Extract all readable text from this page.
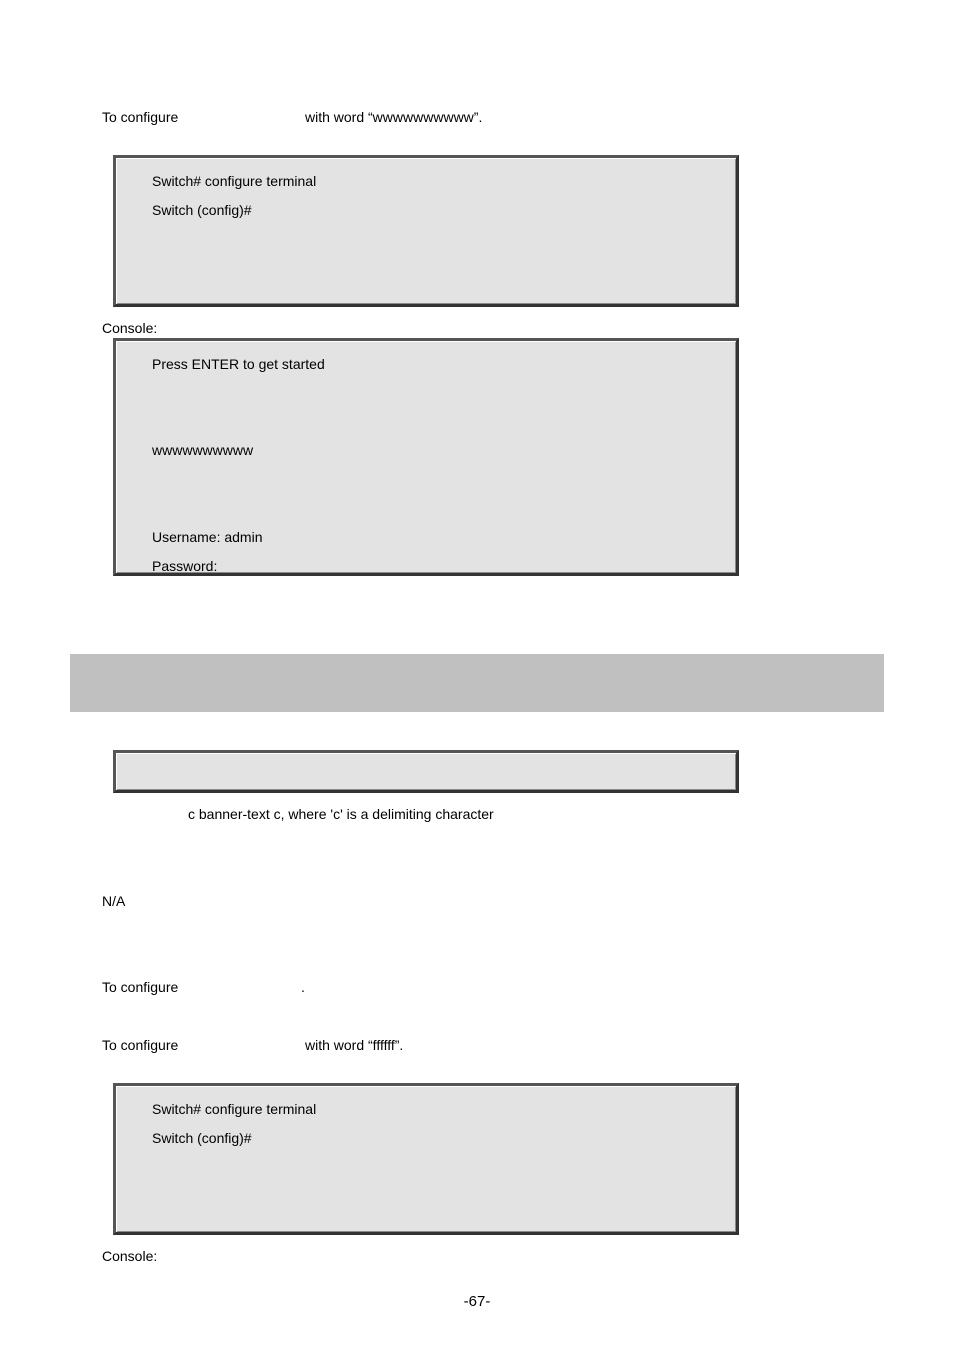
To configure	with word “wwwwwwwwww”.
Switch# configure terminal
Switch (config)#
Console:
Press ENTER to get started
wwwwwwwwww
Username: admin
Password:
c banner-text c, where 'c' is a delimiting character
N/A
To configure	.
To configure	with word “ffffff”.
Switch# configure terminal
Switch (config)#
Console:
-67-
